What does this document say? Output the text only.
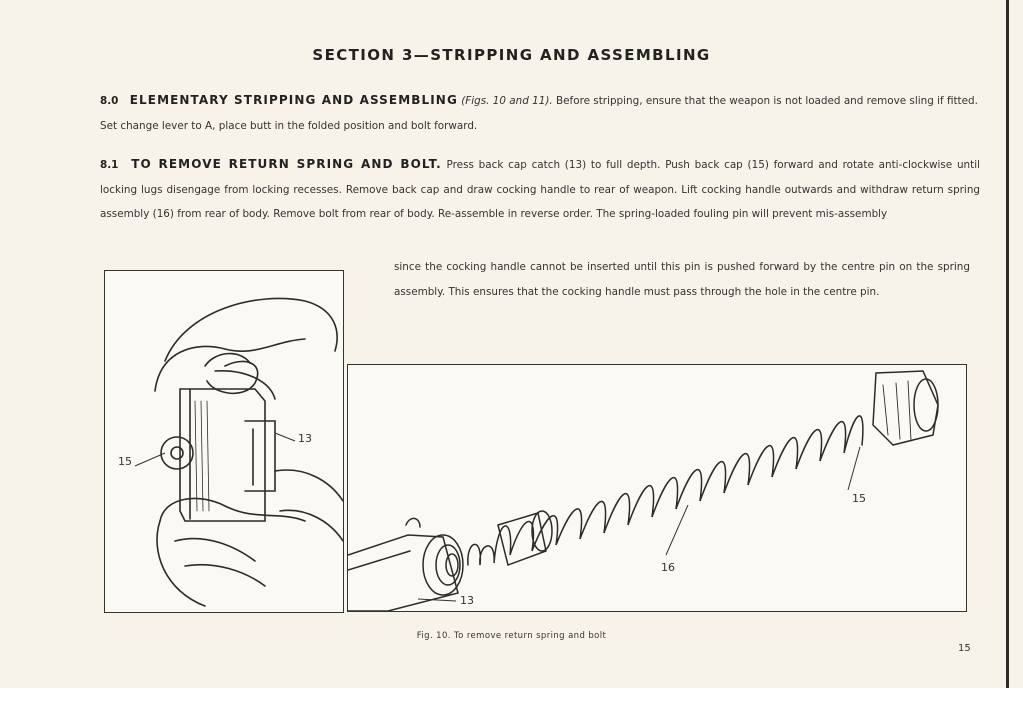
SECTION 3—STRIPPING AND ASSEMBLING
8.0 ELEMENTARY STRIPPING AND ASSEMBLING (Figs. 10 and 11). Before stripping, ensure that the weapon is not loaded and remove sling if fitted. Set change lever to A, place butt in the folded position and bolt forward.
8.1 TO REMOVE RETURN SPRING AND BOLT. Press back cap catch (13) to full depth. Push back cap (15) forward and rotate anti-clockwise until locking lugs disengage from locking recesses. Remove back cap and draw cocking handle to rear of weapon. Lift cocking handle outwards and withdraw return spring assembly (16) from rear of body. Remove bolt from rear of body. Re-assemble in reverse order. The spring-loaded fouling pin will prevent mis-assembly
since the cocking handle cannot be inserted until this pin is pushed forward by the centre pin on the spring assembly. This ensures that the cocking handle must pass through the hole in the centre pin.
15
13
15
16
13
Fig. 10. To remove return spring and bolt
15
